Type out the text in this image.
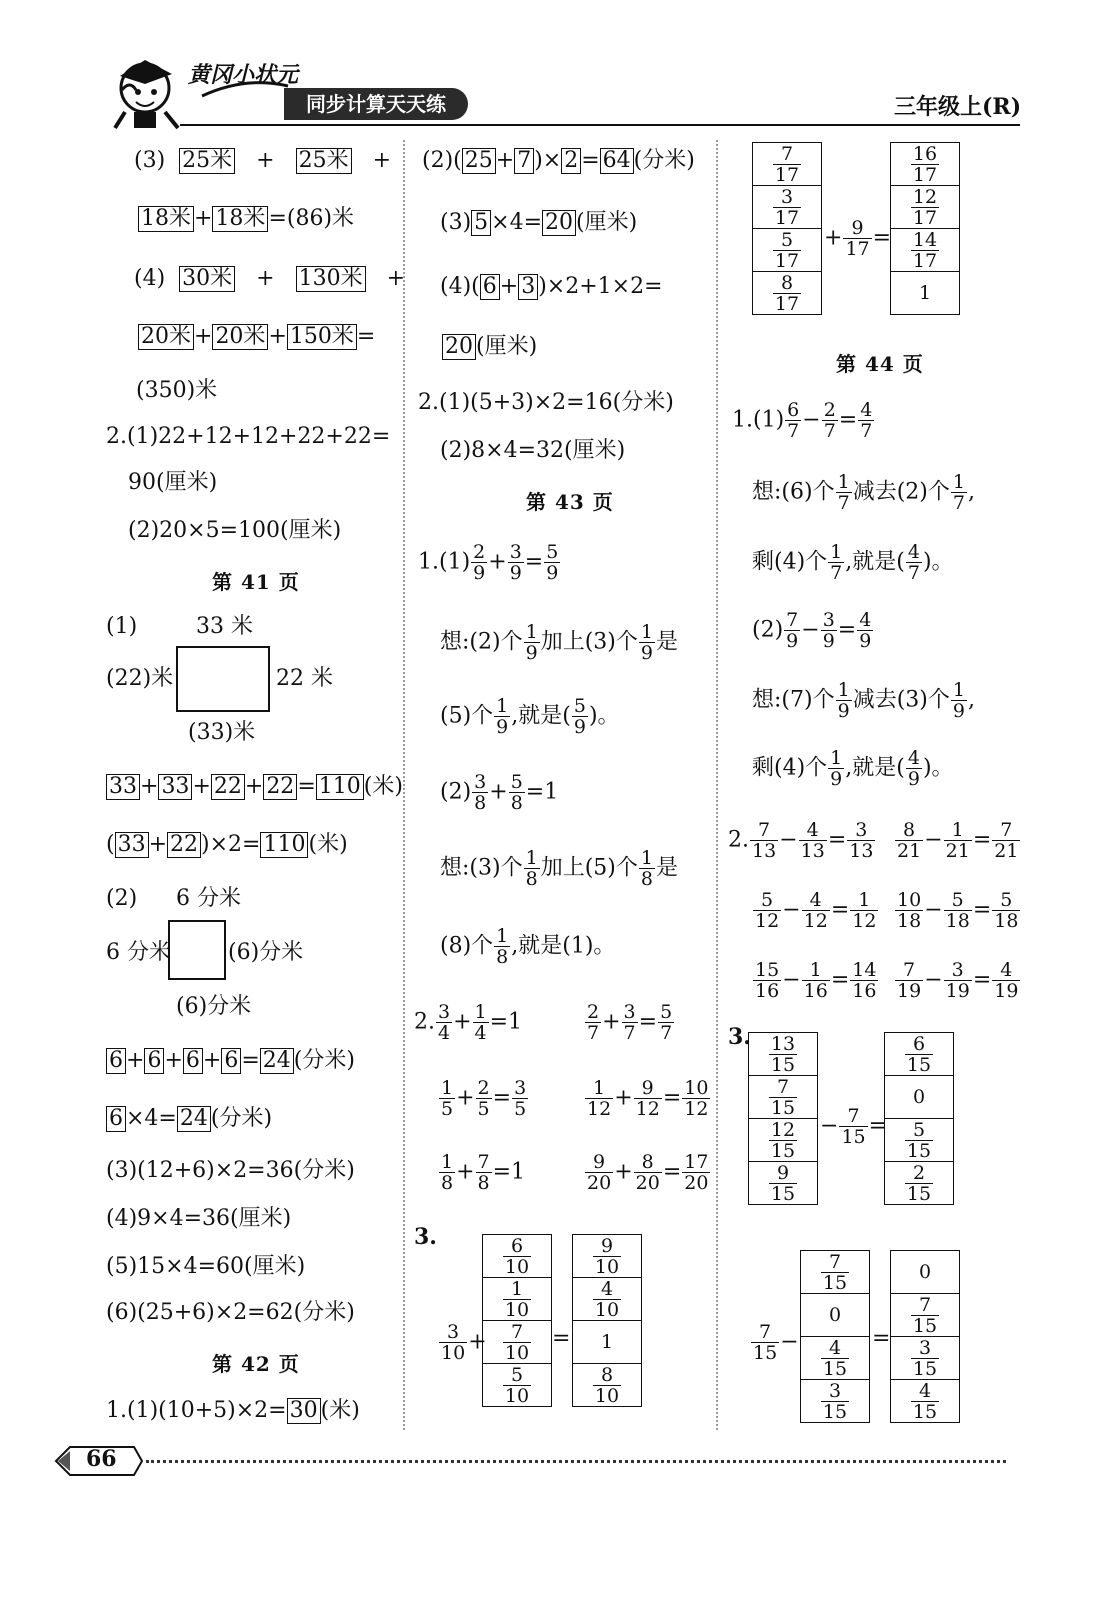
黄冈小状元
同步计算天天练	三年级上(R)
(3) 25米 + 25米 +
18米 + 18米 =(86)米
(4) 30米 + 130米 +
20米 + 20米 + 150米 =
(350)米
2.(1)22+12+12+22+22=
90(厘米)
(2)20×5=100(厘米)
第 41 页
(1)	33 米
(22)米	22 米
(33)米
33 + 33 + 22 + 22 = 110 (米)
( 33 + 22 )×2= 110 (米)
(2) 6 分米
6 分米	(6)分米
(6)分米
6 + 6 + 6 + 6 = 24 (分米)
6 ×4= 24 (分米)
(3)(12+6)×2=36(分米)
(4)9×4=36(厘米)
(5)15×4=60(厘米)
(6)(25+6)×2=62(分米)
第 42 页
1.(1)(10+5)×2= 30 (米)
(2)( 25 + 7 )× 2 = 64 (分米)
(3) 5 ×4= 20 (厘米)
(4)( 6 + 3 )×2+1×2=
20 (厘米)
2.(1)(5+3)×2=16(分米)
(2)8×4=32(厘米)
第 43 页
$1.(1) \frac{2}{9} + \frac{3}{9} = \frac{5}{9}$
想:(2)个 $\frac{1}{9}$ 加上(3)个 $\frac{1}{9}$ 是
(5)个 $\frac{1}{9}$ ,就是( $\frac{5}{9}$ )。
$(2) \frac{3}{8} + \frac{5}{8} =1$
想:(3)个 $\frac{1}{8}$ 加上(5)个 $\frac{1}{8}$ 是
(8)个 $\frac{1}{8}$ ,就是(1)。
2. $\frac{3}{4} + \frac{1}{4} =1$	$\frac{2}{7} + \frac{3}{7} = \frac{5}{7}$
$\frac{1}{5} + \frac{2}{5} = \frac{3}{5}$	$\frac{1}{12} + \frac{9}{12} = \frac{10}{12}$
$\frac{1}{8} + \frac{7}{8} =1$	$\frac{9}{20} + \frac{8}{20} = \frac{17}{20}$
3.
$\frac{3}{10}$ +
$\frac{6}{10}$

$\frac{1}{10}$

$\frac{7}{10}$

$\frac{5}{10}$
=
$\frac{9}{10}$

$\frac{4}{10}$

1

$\frac{8}{10}$
$\frac{7}{17}$

$\frac{3}{17}$

$\frac{5}{17}$

$\frac{8}{17}$
+ $\frac{9}{17}$ =
$\frac{16}{17}$

$\frac{12}{17}$

$\frac{14}{17}$

1
第 44 页
$1.(1) \frac{6}{7} - \frac{2}{7} = \frac{4}{7}$
想:(6)个 $\frac{1}{7}$ 减去(2)个 $\frac{1}{7}$ ,
剩(4)个 $\frac{1}{7}$ ,就是( $\frac{4}{7}$ )。
$(2) \frac{7}{9} - \frac{3}{9} = \frac{4}{9}$
想:(7)个 $\frac{1}{9}$ 减去(3)个 $\frac{1}{9}$ ,
剩(4)个 $\frac{1}{9}$ ,就是( $\frac{4}{9}$ )。
2. $\frac{7}{13} - \frac{4}{13} = \frac{3}{13} \frac{8}{21} - \frac{1}{21} = \frac{7}{21}$
$\frac{5}{12} - \frac{4}{12} = \frac{1}{12} \frac{10}{18} - \frac{5}{18} = \frac{5}{18}$
$\frac{15}{16} - \frac{1}{16} = \frac{14}{16} \frac{7}{19} - \frac{3}{19} = \frac{4}{19}$
3. $\frac{13}{15}$

$\frac{7}{15}$

$\frac{12}{15}$

$\frac{9}{15}$
− $\frac{7}{15}$ =
$\frac{6}{15}$

0

$\frac{5}{15}$

$\frac{2}{15}$
$\frac{7}{15}$ −
$\frac{7}{15}$

0

$\frac{4}{15}$

$\frac{3}{15}$
=
0

$\frac{7}{15}$

$\frac{3}{15}$

$\frac{4}{15}$
66
